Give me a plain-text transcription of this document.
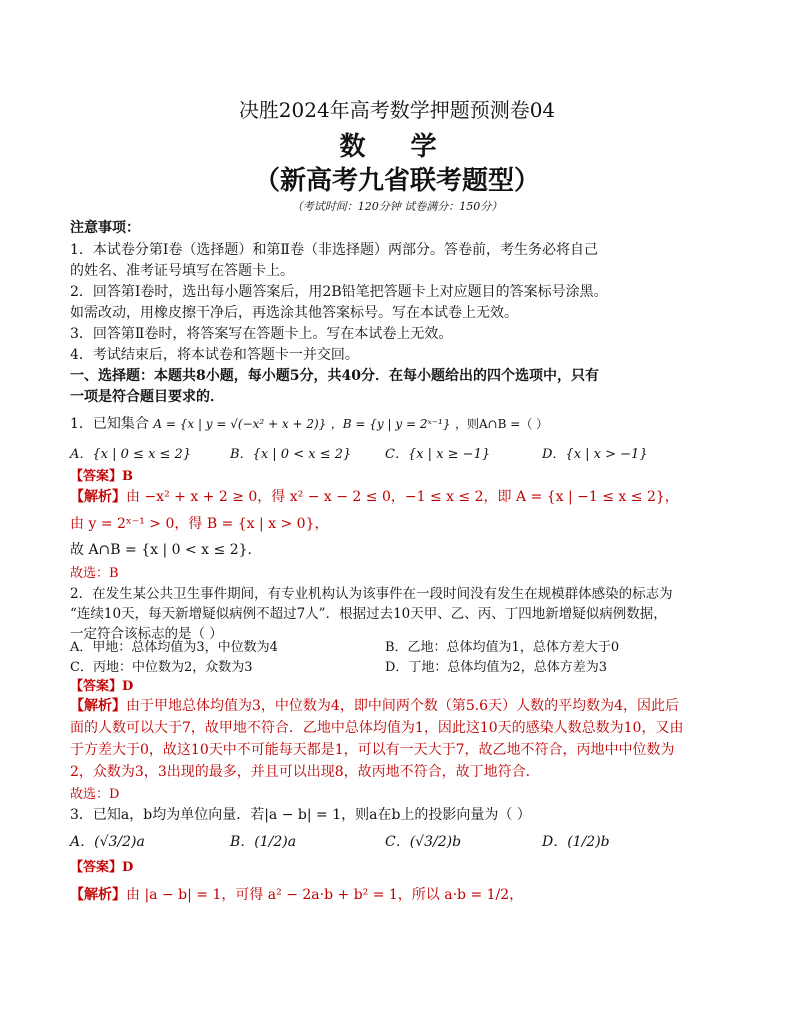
决胜2024年高考数学押题预测卷04
数 学
（新高考九省联考题型）
（考试时间：120分钟 试卷满分：150分）
注意事项：
1．本试卷分第Ⅰ卷（选择题）和第Ⅱ卷（非选择题）两部分。答卷前，考生务必将自己
的姓名、准考证号填写在答题卡上。
2．回答第Ⅰ卷时，选出每小题答案后，用2B铅笔把答题卡上对应题目的答案标号涂黑。
如需改动，用橡皮擦干净后，再选涂其他答案标号。写在本试卷上无效。
3．回答第Ⅱ卷时，将答案写在答题卡上。写在本试卷上无效。
4．考试结束后，将本试卷和答题卡一并交回。
一、选择题：本题共8小题，每小题5分，共40分．在每小题给出的四个选项中，只有
一项是符合题目要求的．
1．已知集合 A = {x | y = √(−x² + x + 2)} ，B = {y | y = 2ˣ⁻¹} ，则A∩B =（ ）
A．{x | 0 ≤ x ≤ 2}	B．{x | 0 < x ≤ 2}	C．{x | x ≥ −1}	D．{x | x > −1}
【答案】B
【解析】由 −x² + x + 2 ≥ 0，得 x² − x − 2 ≤ 0，−1 ≤ x ≤ 2，即 A = {x | −1 ≤ x ≤ 2}，
由 y = 2ˣ⁻¹ > 0，得 B = {x | x > 0}，
故 A∩B = {x | 0 < x ≤ 2}.
故选：B
2．在发生某公共卫生事件期间，有专业机构认为该事件在一段时间没有发生在规模群体感染的标志为
“连续10天，每天新增疑似病例不超过7人”．根据过去10天甲、乙、丙、丁四地新增疑似病例数据，
一定符合该标志的是（ ）
A．甲地：总体均值为3，中位数为4	B．乙地：总体均值为1，总体方差大于0
C．丙地：中位数为2，众数为3	D．丁地：总体均值为2，总体方差为3
【答案】D
【解析】由于甲地总体均值为3，中位数为4，即中间两个数（第5.6天）人数的平均数为4，因此后
面的人数可以大于7，故甲地不符合．乙地中总体均值为1，因此这10天的感染人数总数为10，又由
于方差大于0，故这10天中不可能每天都是1，可以有一天大于7，故乙地不符合，丙地中中位数为
2，众数为3，3出现的最多，并且可以出现8，故丙地不符合，故丁地符合．
故选：D
3．已知a，b均为单位向量．若|a − b| = 1，则a在b上的投影向量为（ ）
A．(√3/2)a	B．(1/2)a	C．(√3/2)b	D．(1/2)b
【答案】D
【解析】由 |a − b| = 1，可得 a² − 2a·b + b² = 1，所以 a·b = 1/2，
